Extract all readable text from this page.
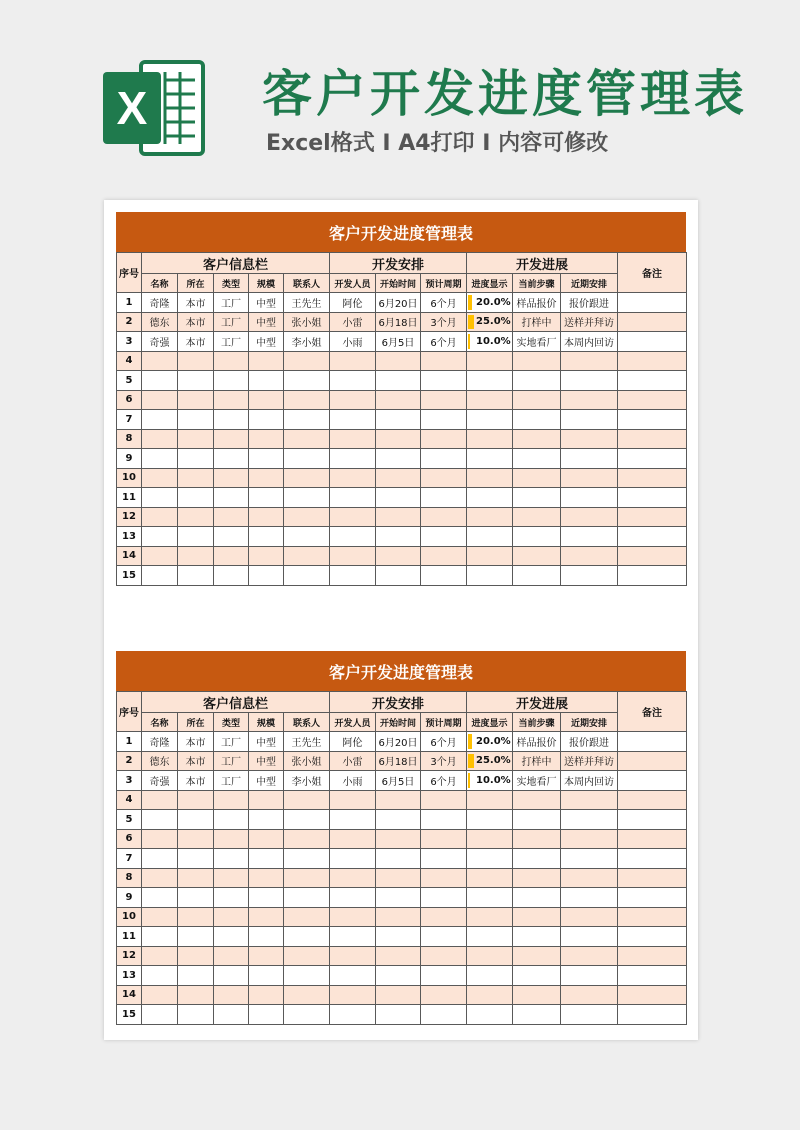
X 客户开发进度管理表
Excel格式 I A4打印 I 内容可修改
客户开发进度管理表
序号	客户信息栏					开发安排			开发进展			备注
	名称	所在	类型	规模	联系人	开发人员	开始时间	预计周期	进度显示	当前步骤	近期安排	
1	奇隆	本市	工厂	中型	王先生	阿伦	6月20日	6个月	20.0%	样品报价	报价跟进	
2	德东	本市	工厂	中型	张小姐	小雷	6月18日	3个月	25.0%	打样中	送样并拜访	
3	奇强	本市	工厂	中型	李小姐	小雨	6月5日	6个月	10.0%	实地看厂	本周内回访	
4												
5												
6												
7												
8												
9												
10												
11												
12												
13												
14												
15												
客户开发进度管理表
序号	客户信息栏					开发安排			开发进展			备注
	名称	所在	类型	规模	联系人	开发人员	开始时间	预计周期	进度显示	当前步骤	近期安排	
1	奇隆	本市	工厂	中型	王先生	阿伦	6月20日	6个月	20.0%	样品报价	报价跟进	
2	德东	本市	工厂	中型	张小姐	小雷	6月18日	3个月	25.0%	打样中	送样并拜访	
3	奇强	本市	工厂	中型	李小姐	小雨	6月5日	6个月	10.0%	实地看厂	本周内回访	
4												
5												
6												
7												
8												
9												
10												
11												
12												
13												
14												
15												
